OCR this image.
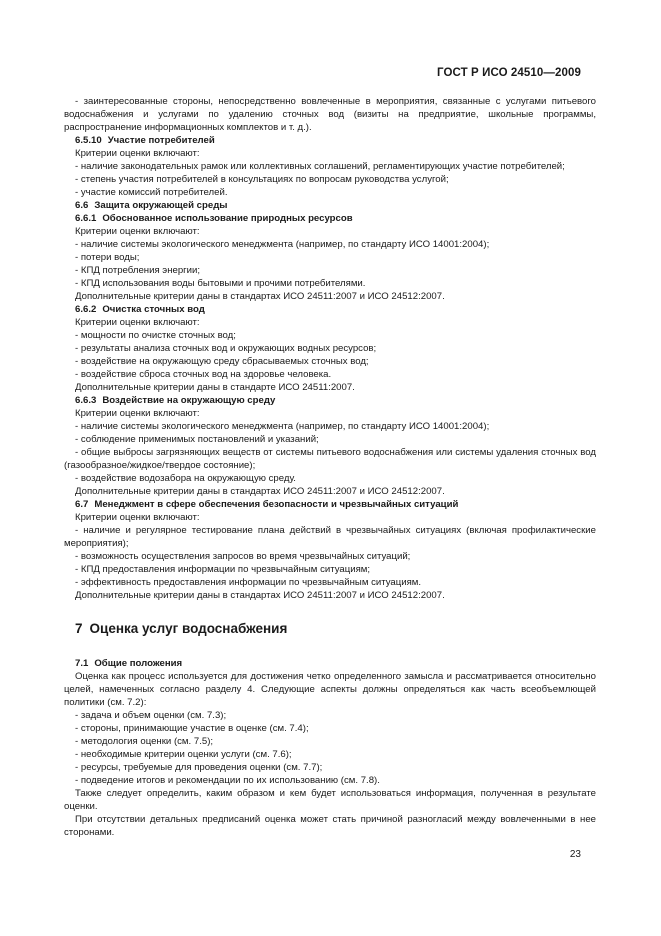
ГОСТ Р ИСО 24510—2009

- заинтересованные стороны, непосредственно вовлеченные в мероприятия, связанные с услугами питьевого водоснабжения и услугами по удалению сточных вод (визиты на предприятие, школьные программы, распространение информационных комплектов и т. д.).

6.5.10 Участие потребителей

Критерии оценки включают:

- наличие законодательных рамок или коллективных соглашений, регламентирующих участие потребителей;

- степень участия потребителей в консультациях по вопросам руководства услугой;

- участие комиссий потребителей.

6.6 Защита окружающей среды

6.6.1 Обоснованное использование природных ресурсов

Критерии оценки включают:

- наличие системы экологического менеджмента (например, по стандарту ИСО 14001:2004);

- потери воды;

- КПД потребления энергии;

- КПД использования воды бытовыми и прочими потребителями.

Дополнительные критерии даны в стандартах ИСО 24511:2007 и ИСО 24512:2007.

6.6.2 Очистка сточных вод

Критерии оценки включают:

- мощности по очистке сточных вод;

- результаты анализа сточных вод и окружающих водных ресурсов;

- воздействие на окружающую среду сбрасываемых сточных вод;

- воздействие сброса сточных вод на здоровье человека.

Дополнительные критерии даны в стандарте ИСО 24511:2007.

6.6.3 Воздействие на окружающую среду

Критерии оценки включают:

- наличие системы экологического менеджмента (например, по стандарту ИСО 14001:2004);

- соблюдение применимых постановлений и указаний;

- общие выбросы загрязняющих веществ от системы питьевого водоснабжения или системы удаления сточных вод (газообразное/жидкое/твердое состояние);

- воздействие водозабора на окружающую среду.

Дополнительные критерии даны в стандартах ИСО 24511:2007 и ИСО 24512:2007.

6.7 Менеджмент в сфере обеспечения безопасности и чрезвычайных ситуаций

Критерии оценки включают:

- наличие и регулярное тестирование плана действий в чрезвычайных ситуациях (включая профилактические мероприятия);

- возможность осуществления запросов во время чрезвычайных ситуаций;

- КПД предоставления информации по чрезвычайным ситуациям;

- эффективность предоставления информации по чрезвычайным ситуациям.

Дополнительные критерии даны в стандартах ИСО 24511:2007 и ИСО 24512:2007.

7 Оценка услуг водоснабжения

7.1 Общие положения

Оценка как процесс используется для достижения четко определенного замысла и рассматривается относительно целей, намеченных согласно разделу 4. Следующие аспекты должны определяться как часть всеобъемлющей политики (см. 7.2):

- задача и объем оценки (см. 7.3);

- стороны, принимающие участие в оценке (см. 7.4);

- методология оценки (см. 7.5);

- необходимые критерии оценки услуги (см. 7.6);

- ресурсы, требуемые для проведения оценки (см. 7.7);

- подведение итогов и рекомендации по их использованию (см. 7.8).

Также следует определить, каким образом и кем будет использоваться информация, полученная в результате оценки.

При отсутствии детальных предписаний оценка может стать причиной разногласий между вовлеченными в нее сторонами.

23
